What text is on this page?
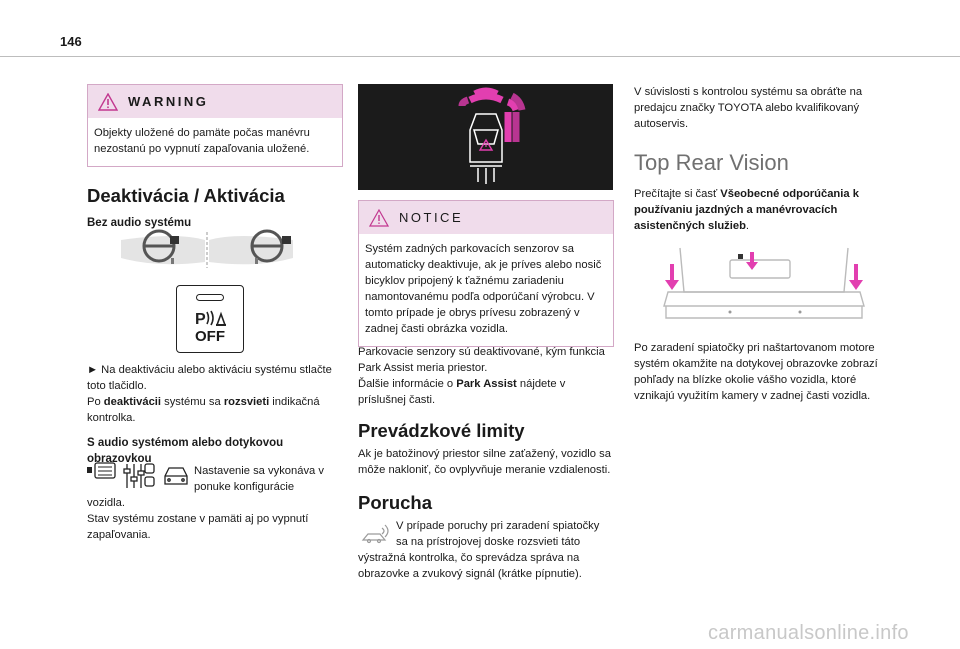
146
WARNING
Objekty uložené do pamäte počas manévru nezostanú po vypnutí zapaľovania uložené.
Deaktivácia / Aktivácia
Bez audio systému
P
OFF
► Na deaktiváciu alebo aktiváciu systému stlačte toto tlačidlo.
Po deaktivácii systému sa rozsvieti indikačná kontrolka.
S audio systémom alebo dotykovou obrazovkou
Nastavenie sa vykonáva v
ponuke konfigurácie
vozidla.
Stav systému zostane v pamäti aj po vypnutí zapaľovania.
NOTICE
Systém zadných parkovacích senzorov sa automaticky deaktivuje, ak je príves alebo nosič bicyklov pripojený k ťažnému zariadeniu namontovanému podľa odporúčaní výrobcu. V tomto prípade je obrys prívesu zobrazený v zadnej časti obrázka vozidla.
Parkovacie senzory sú deaktivované, kým funkcia Park Assist meria priestor.
Ďalšie informácie o Park Assist nájdete v príslušnej časti.
Prevádzkové limity
Ak je batožinový priestor silne zaťažený, vozidlo sa môže nakloniť, čo ovplyvňuje meranie vzdialenosti.
Porucha
V prípade poruchy pri zaradení spiatočky
sa na prístrojovej doske rozsvieti táto
výstražná kontrolka, čo sprevádza správa na obrazovke a zvukový signál (krátke pípnutie).
V súvislosti s kontrolou systému sa obráťte na predajcu značky TOYOTA alebo kvalifikovaný autoservis.
Top Rear Vision
Prečítajte si časť Všeobecné odporúčania k používaniu jazdných a manévrovacích asistenčných služieb.
Po zaradení spiatočky pri naštartovanom motore systém okamžite na dotykovej obrazovke zobrazí pohľady na blízke okolie vášho vozidla, ktoré vznikajú využitím kamery v zadnej časti vozidla.
carmanualsonline.info
